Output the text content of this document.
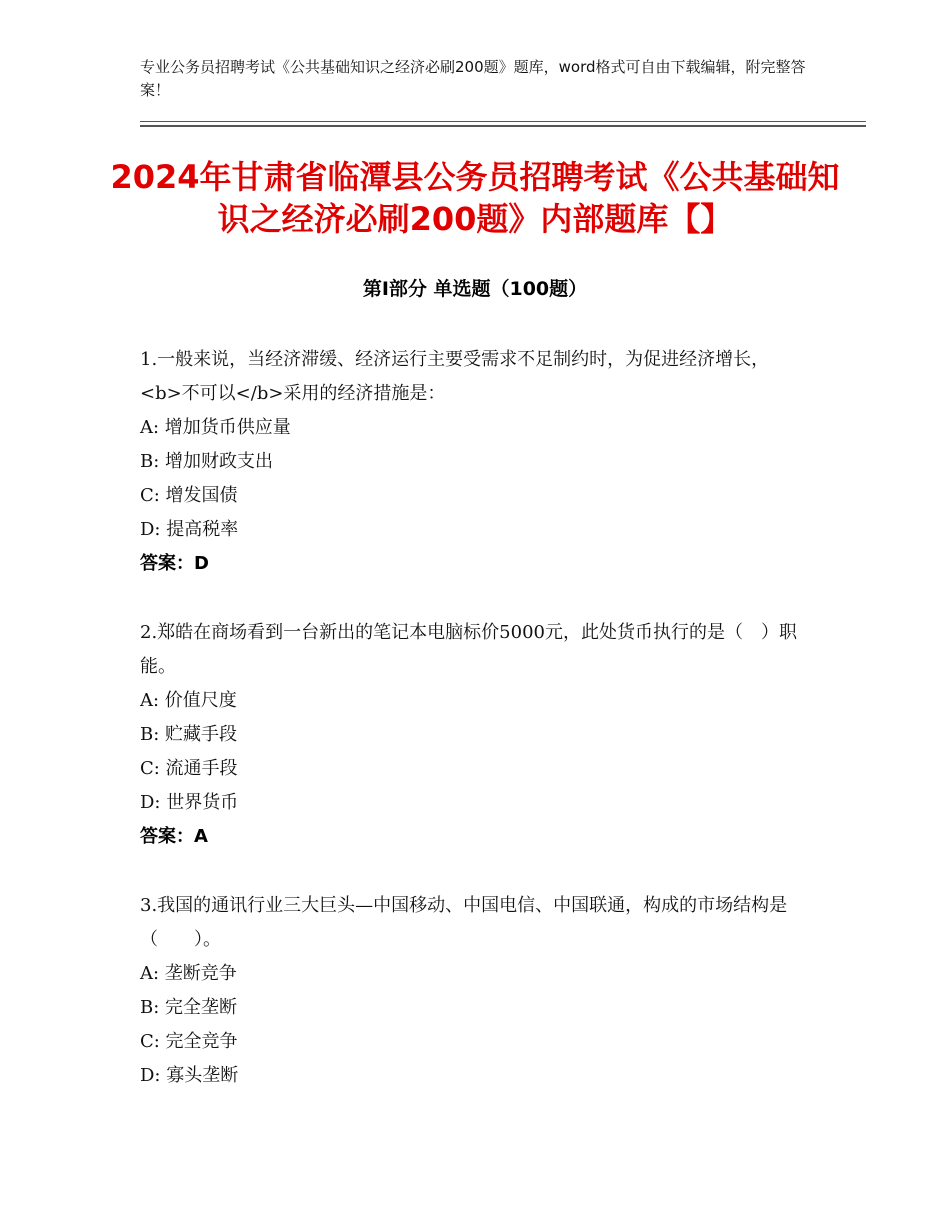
专业公务员招聘考试《公共基础知识之经济必刷200题》题库，word格式可自由下载编辑，附完整答案！
2024年甘肃省临潭县公务员招聘考试《公共基础知识之经济必刷200题》内部题库【】
第I部分 单选题（100题）
1.一般来说，当经济滞缓、经济运行主要受需求不足制约时，为促进经济增长，<b>不可以</b>采用的经济措施是：
A: 增加货币供应量
B: 增加财政支出
C: 增发国债
D: 提高税率
答案：D
2.郑皓在商场看到一台新出的笔记本电脑标价5000元，此处货币执行的是（　）职能。
A: 价值尺度
B: 贮藏手段
C: 流通手段
D: 世界货币
答案：A
3.我国的通讯行业三大巨头—中国移动、中国电信、中国联通，构成的市场结构是（　　）。
A: 垄断竞争
B: 完全垄断
C: 完全竞争
D: 寡头垄断
